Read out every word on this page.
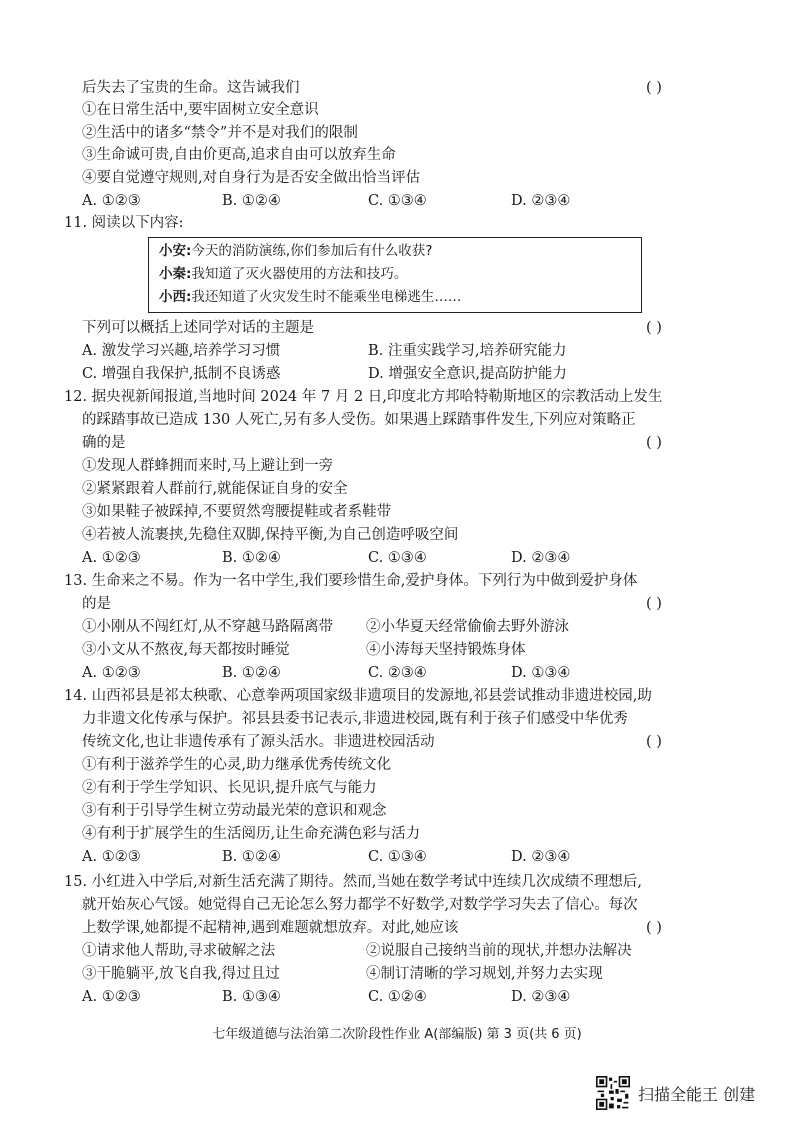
后失去了宝贵的生命。这告诫我们	( )
①在日常生活中,要牢固树立安全意识
②生活中的诸多“禁令”并不是对我们的限制
③生命诚可贵,自由价更高,追求自由可以放弃生命
④要自觉遵守规则,对自身行为是否安全做出恰当评估
A. ①②③	B. ①②④	C. ①③④	D. ②③④
11. 阅读以下内容:
小安:今天的消防演练,你们参加后有什么收获?
小秦:我知道了灭火器使用的方法和技巧。
小西:我还知道了火灾发生时不能乘坐电梯逃生……
下列可以概括上述同学对话的主题是	( )
A. 激发学习兴趣,培养学习习惯	B. 注重实践学习,培养研究能力
C. 增强自我保护,抵制不良诱惑	D. 增强安全意识,提高防护能力
12. 据央视新闻报道,当地时间 2024 年 7 月 2 日,印度北方邦哈特勒斯地区的宗教活动上发生
的踩踏事故已造成 130 人死亡,另有多人受伤。如果遇上踩踏事件发生,下列应对策略正
确的是	( )
①发现人群蜂拥而来时,马上避让到一旁
②紧紧跟着人群前行,就能保证自身的安全
③如果鞋子被踩掉,不要贸然弯腰提鞋或者系鞋带
④若被人流裹挟,先稳住双脚,保持平衡,为自己创造呼吸空间
A. ①②③	B. ①②④	C. ①③④	D. ②③④
13. 生命来之不易。作为一名中学生,我们要珍惜生命,爱护身体。下列行为中做到爱护身体
的是	( )
①小刚从不闯红灯,从不穿越马路隔离带 ②小华夏天经常偷偷去野外游泳
③小文从不熬夜,每天都按时睡觉	④小涛每天坚持锻炼身体
A. ①②③	B. ①②④	C. ②③④	D. ①③④
14. 山西祁县是祁太秧歌、心意拳两项国家级非遗项目的发源地,祁县尝试推动非遗进校园,助
力非遗文化传承与保护。祁县县委书记表示,非遗进校园,既有利于孩子们感受中华优秀
传统文化,也让非遗传承有了源头活水。非遗进校园活动	( )
①有利于滋养学生的心灵,助力继承优秀传统文化
②有利于学生学知识、长见识,提升底气与能力
③有利于引导学生树立劳动最光荣的意识和观念
④有利于扩展学生的生活阅历,让生命充满色彩与活力
A. ①②③	B. ①②④	C. ①③④	D. ②③④
15. 小红进入中学后,对新生活充满了期待。然而,当她在数学考试中连续几次成绩不理想后,
就开始灰心气馁。她觉得自己无论怎么努力都学不好数学,对数学学习失去了信心。每次
上数学课,她都提不起精神,遇到难题就想放弃。对此,她应该	( )
①请求他人帮助,寻求破解之法	②说服自己接纳当前的现状,并想办法解决
③干脆躺平,放飞自我,得过且过	④制订清晰的学习规划,并努力去实现
A. ①②③	B. ①③④	C. ①②④	D. ②③④
七年级道德与法治第二次阶段性作业 A(部编版) 第 3 页(共 6 页)
扫描全能王 创建
